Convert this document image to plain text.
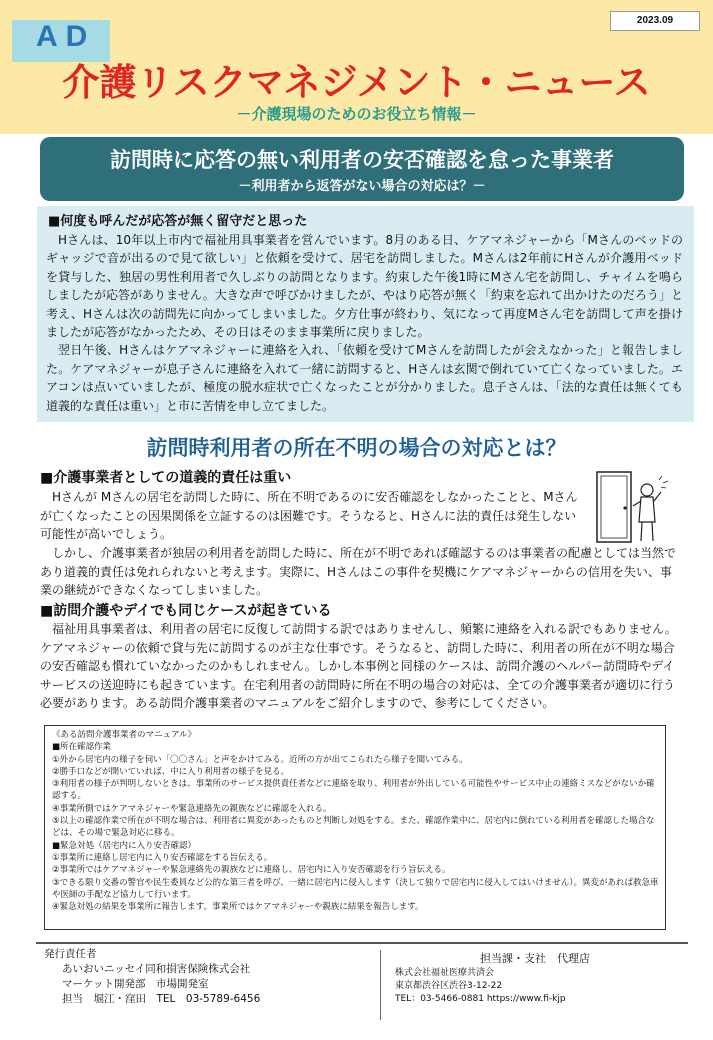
AD	2023.09
介護リスクマネジメント・ニュース
－介護現場のためのお役立ち情報－
訪問時に応答の無い利用者の安否確認を怠った事業者
－利用者から返答がない場合の対応は？－
■何度も呼んだが応答が無く留守だと思った

Hさんは、10年以上市内で福祉用具事業者を営んでいます。8月のある日、ケアマネジャーから「Mさんのベッドのギャッジで音が出るので見て欲しい」と依頼を受けて、居宅を訪問しました。Mさんは2年前にHさんが介護用ベッドを貸与した、独居の男性利用者で久しぶりの訪問となります。約束した午後1時にMさん宅を訪問し、チャイムを鳴らしましたが応答がありません。大きな声で呼びかけましたが、やはり応答が無く「約束を忘れて出かけたのだろう」と考え、Hさんは次の訪問先に向かってしまいました。夕方仕事が終わり、気になって再度Mさん宅を訪問して声を掛けましたが応答がなかったため、その日はそのまま事業所に戻りました。

翌日午後、Hさんはケアマネジャーに連絡を入れ、「依頼を受けてMさんを訪問したが会えなかった」と報告しました。ケアマネジャーが息子さんに連絡を入れて一緒に訪問すると、Hさんは玄関で倒れていて亡くなっていました。エアコンは点いていましたが、極度の脱水症状で亡くなったことが分かりました。息子さんは、「法的な責任は無くても道義的な責任は重い」と市に苦情を申し立てました。

訪問時利用者の所在不明の場合の対応とは？
■介護事業者としての道義的責任は重い

Hさんが Mさんの居宅を訪問した時に、所在不明であるのに安否確認をしなかったことと、Mさんが亡くなったことの因果関係を立証するのは困難です。そうなると、Hさんに法的責任は発生しない可能性が高いでしょう。

しかし、介護事業者が独居の利用者を訪問した時に、所在が不明であれば確認するのは事業者の配慮としては当然であり道義的責任は免れられないと考えます。実際に、Hさんはこの事件を契機にケアマネジャーからの信用を失い、事業の継続ができなくなってしまいました。

■訪問介護やデイでも同じケースが起きている

福祉用具事業者は、利用者の居宅に反復して訪問する訳ではありませんし、頻繁に連絡を入れる訳でもありません。ケアマネジャーの依頼で貸与先に訪問するのが主な仕事です。そうなると、訪問した時に、利用者の所在が不明な場合の安否確認も慣れていなかったのかもしれません。しかし本事例と同様のケースは、訪問介護のヘルパー訪問時やデイサービスの送迎時にも起きています。在宅利用者の訪問時に所在不明の場合の対応は、全ての介護事業者が適切に行う必要があります。ある訪問介護事業者のマニュアルをご紹介しますので、参考にしてください。

《ある訪問介護事業者のマニュアル》
■所在確認作業
①外から居宅内の様子を伺い「〇〇さん」と声をかけてみる。近所の方が出てこられたら様子を聞いてみる。
②勝手口などが開いていれば、中に入り利用者の様子を見る。
③利用者の様子が判明しないときは、事業所のサービス提供責任者などに連絡を取り、利用者が外出している可能性やサービス中止の連絡ミスなどがないか確認する。
④事業所側ではケアマネジャーや緊急連絡先の親族などに確認を入れる。
⑤以上の確認作業で所在が不明な場合は、利用者に異変があったものと判断し対処をする。また、確認作業中に、居宅内に倒れている利用者を確認した場合などは、その場で緊急対応に移る。
■緊急対処（居宅内に入り安否確認）
①事業所に連絡し居宅内に入り安否確認をする旨伝える。
②事業所ではケアマネジャーや緊急連絡先の親族などに連絡し、居宅内に入り安否確認を行う旨伝える。
③できる限り交番の警官や民生委員など公的な第三者を呼び、一緒に居宅内に侵入します（決して独りで居宅内に侵入してはいけません）。異変があれば救急車や医師の手配など協力して行います。
④緊急対処の結果を事業所に報告します。事業所ではケアマネジャーや親族に結果を報告します。
発行責任者
あいおいニッセイ同和損害保険株式会社
マーケット開発部　市場開発室
担当　堀江・窪田　TEL　03-5789-6456
担当課・支社　代理店
株式会社福祉医療共済会
東京都渋谷区渋谷3-12-22
TEL：03-5466-0881 https://www.fi-kjp
